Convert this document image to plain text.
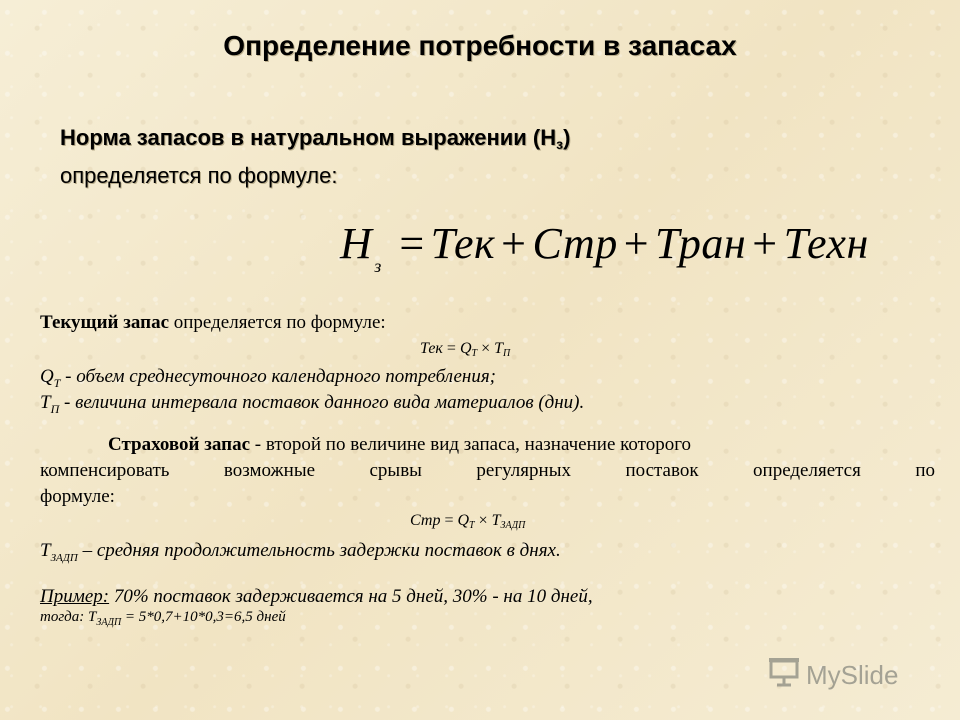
Определение потребности в запасах
Норма запасов в натуральном выражении $(Н_з)$
определяется по формуле:
Н $_з$ = Тек + Стр + Тран + Техн
Текущий запас определяется по формуле:
Тек = $Q_Т \times Т_П$
$Q_Т$ - объем среднесуточного календарного потребления;
$Т_П$ - величина интервала поставок данного вида материалов (дни).
Страховой запас - второй по величине вид запаса, назначение которого
компенсировать возможные срывы регулярных поставок определяется по
формуле:
Стр = $Q_Т \times Т_{ЗАДП}$
$Т_{ЗАДП}$ – средняя продолжительность задержки поставок в днях.
Пример: 70% поставок задерживается на 5 дней, 30% - на 10 дней,
тогда: $Т_{ЗАДП} = 5*0,7+10*0,3=6,5$ дней
MySlide
